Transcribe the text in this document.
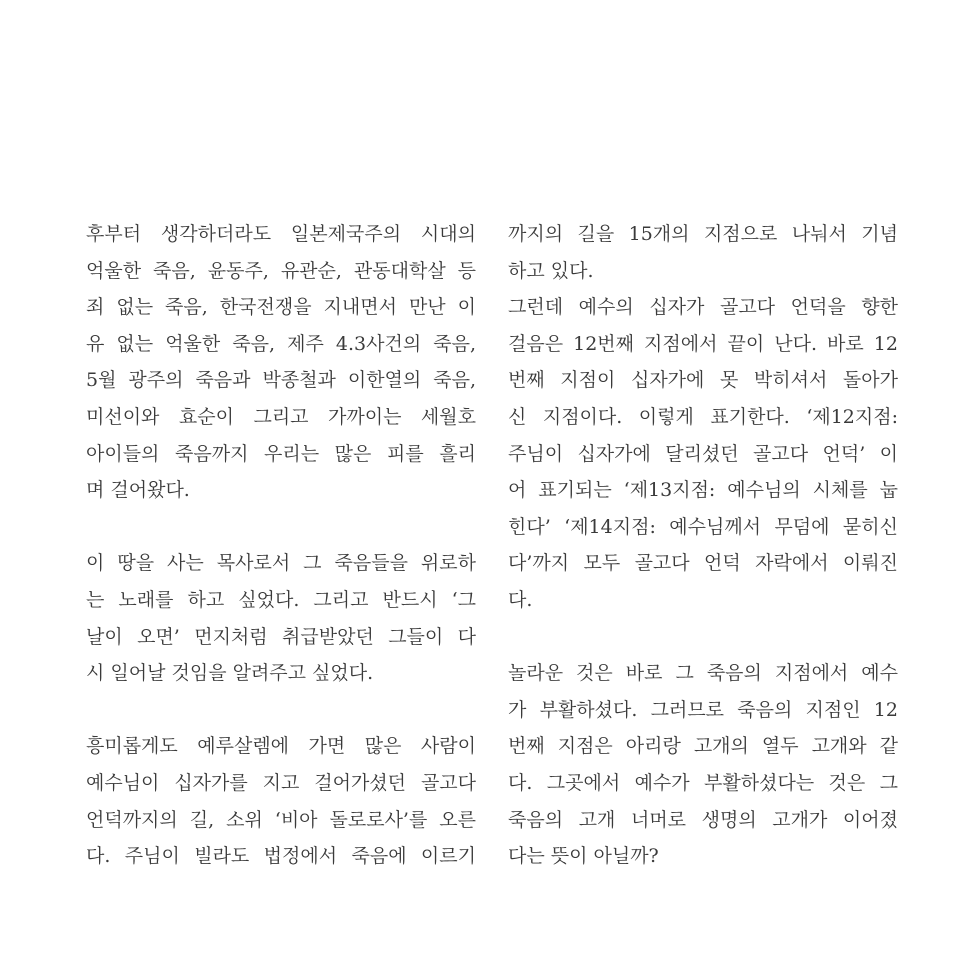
후부터 생각하더라도 일본제국주의 시대의
억울한 죽음, 윤동주, 유관순, 관동대학살 등
죄 없는 죽음, 한국전쟁을 지내면서 만난 이
유 없는 억울한 죽음, 제주 4.3사건의 죽음,
5월 광주의 죽음과 박종철과 이한열의 죽음,
미선이와 효순이 그리고 가까이는 세월호
아이들의 죽음까지 우리는 많은 피를 흘리
며 걸어왔다.
이 땅을 사는 목사로서 그 죽음들을 위로하
는 노래를 하고 싶었다. 그리고 반드시 ‘그
날이 오면’ 먼지처럼 취급받았던 그들이 다
시 일어날 것임을 알려주고 싶었다.
흥미롭게도 예루살렘에 가면 많은 사람이
예수님이 십자가를 지고 걸어가셨던 골고다
언덕까지의 길, 소위 ‘비아 돌로로사’를 오른
다. 주님이 빌라도 법정에서 죽음에 이르기
까지의 길을 15개의 지점으로 나눠서 기념
하고 있다.
그런데 예수의 십자가 골고다 언덕을 향한
걸음은 12번째 지점에서 끝이 난다. 바로 12
번째 지점이 십자가에 못 박히셔서 돌아가
신 지점이다. 이렇게 표기한다. ‘제12지점:
주님이 십자가에 달리셨던 골고다 언덕’ 이
어 표기되는 ‘제13지점: 예수님의 시체를 눕
힌다’ ‘제14지점: 예수님께서 무덤에 묻히신
다’까지 모두 골고다 언덕 자락에서 이뤄진
다.
놀라운 것은 바로 그 죽음의 지점에서 예수
가 부활하셨다. 그러므로 죽음의 지점인 12
번째 지점은 아리랑 고개의 열두 고개와 같
다. 그곳에서 예수가 부활하셨다는 것은 그
죽음의 고개 너머로 생명의 고개가 이어졌
다는 뜻이 아닐까?
